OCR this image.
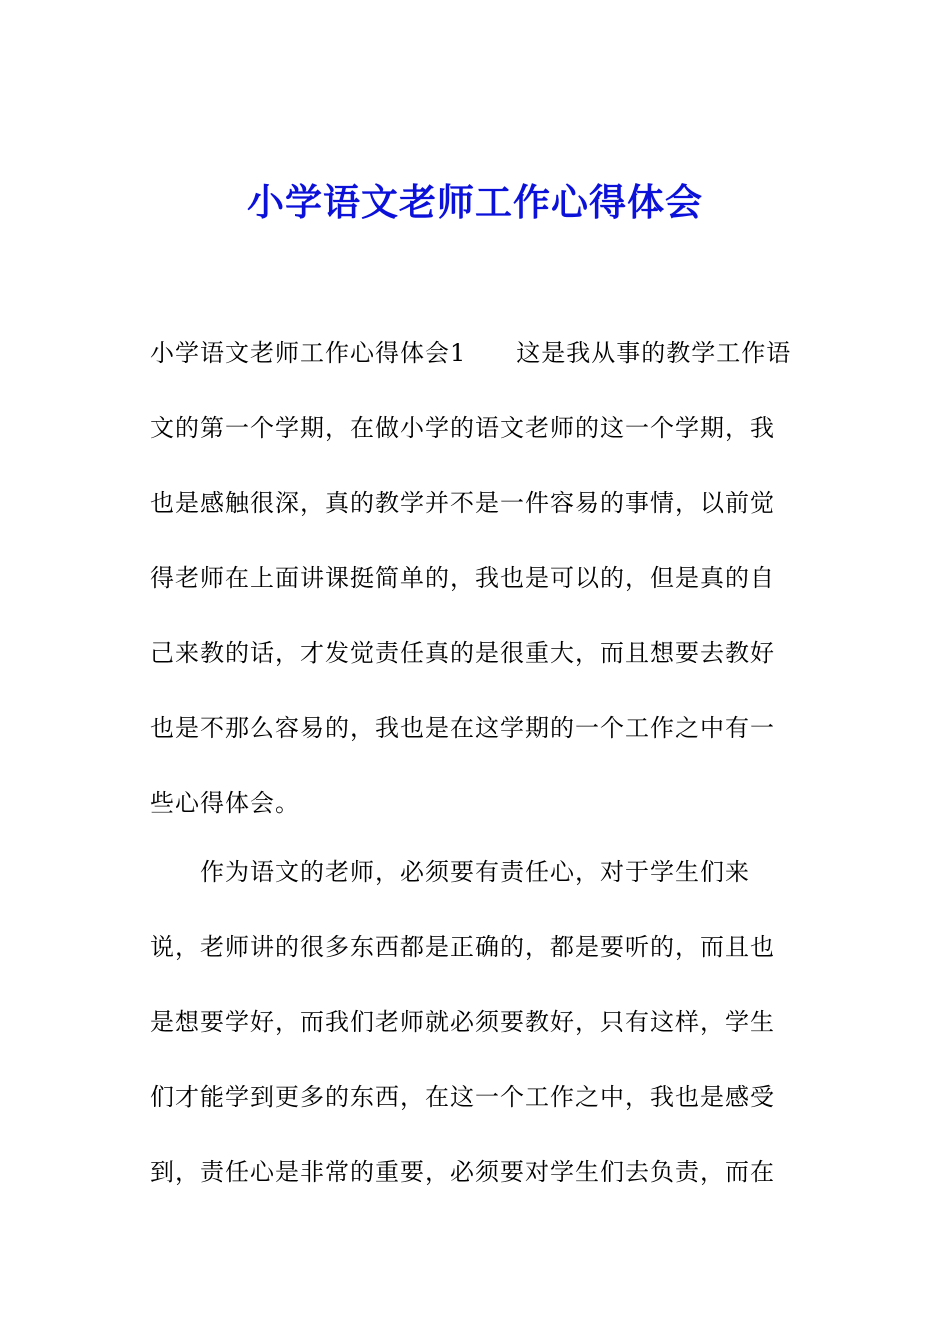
小学语文老师工作心得体会
小学语文老师工作心得体会1　　这是我从事的教学工作语
文的第一个学期，在做小学的语文老师的这一个学期，我
也是感触很深，真的教学并不是一件容易的事情，以前觉
得老师在上面讲课挺简单的，我也是可以的，但是真的自
己来教的话，才发觉责任真的是很重大，而且想要去教好
也是不那么容易的，我也是在这学期的一个工作之中有一
些心得体会。
　　作为语文的老师，必须要有责任心，对于学生们来
说，老师讲的很多东西都是正确的，都是要听的，而且也
是想要学好，而我们老师就必须要教好，只有这样，学生
们才能学到更多的东西，在这一个工作之中，我也是感受
到，责任心是非常的重要，必须要对学生们去负责，而在
